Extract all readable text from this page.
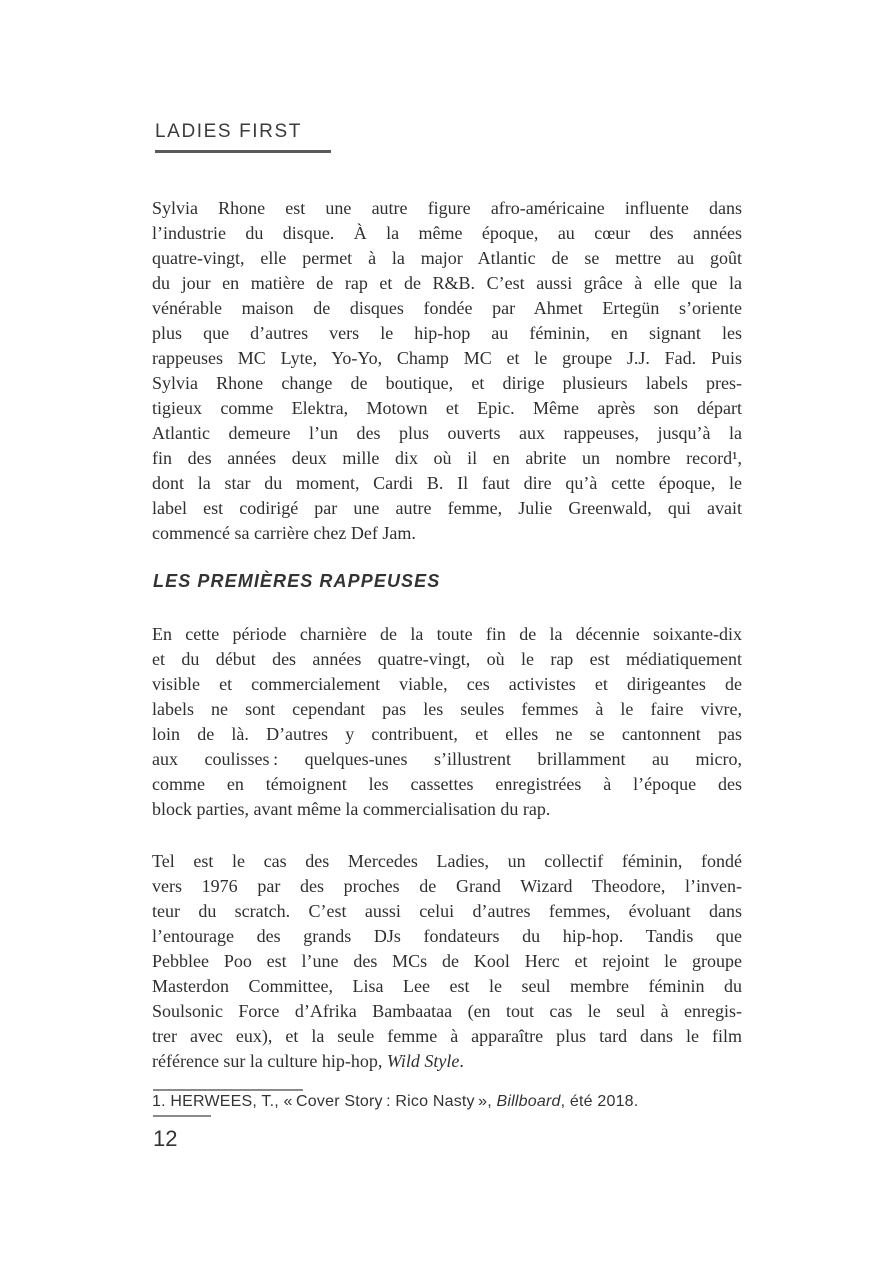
LADIES FIRST
Sylvia Rhone est une autre figure afro-américaine influente dans
l’industrie du disque. À la même époque, au cœur des années
quatre-vingt, elle permet à la major Atlantic de se mettre au goût
du jour en matière de rap et de R&B. C’est aussi grâce à elle que la
vénérable maison de disques fondée par Ahmet Ertegün s’oriente
plus que d’autres vers le hip-hop au féminin, en signant les
rappeuses MC Lyte, Yo-Yo, Champ MC et le groupe J.J. Fad. Puis
Sylvia Rhone change de boutique, et dirige plusieurs labels pres-
tigieux comme Elektra, Motown et Epic. Même après son départ
Atlantic demeure l’un des plus ouverts aux rappeuses, jusqu’à la
fin des années deux mille dix où il en abrite un nombre record¹,
dont la star du moment, Cardi B. Il faut dire qu’à cette époque, le
label est codirigé par une autre femme, Julie Greenwald, qui avait
commencé sa carrière chez Def Jam.
LES PREMIÈRES RAPPEUSES
En cette période charnière de la toute fin de la décennie soixante-dix
et du début des années quatre-vingt, où le rap est médiatiquement
visible et commercialement viable, ces activistes et dirigeantes de
labels ne sont cependant pas les seules femmes à le faire vivre,
loin de là. D’autres y contribuent, et elles ne se cantonnent pas
aux coulisses : quelques-unes s’illustrent brillamment au micro,
comme en témoignent les cassettes enregistrées à l’époque des
block parties, avant même la commercialisation du rap.
Tel est le cas des Mercedes Ladies, un collectif féminin, fondé
vers 1976 par des proches de Grand Wizard Theodore, l’inven-
teur du scratch. C’est aussi celui d’autres femmes, évoluant dans
l’entourage des grands DJs fondateurs du hip-hop. Tandis que
Pebblee Poo est l’une des MCs de Kool Herc et rejoint le groupe
Masterdon Committee, Lisa Lee est le seul membre féminin du
Soulsonic Force d’Afrika Bambaataa (en tout cas le seul à enregis-
trer avec eux), et la seule femme à apparaître plus tard dans le film
référence sur la culture hip-hop, Wild Style.
1. HERWEES, T., « Cover Story : Rico Nasty », Billboard, été 2018.
12
